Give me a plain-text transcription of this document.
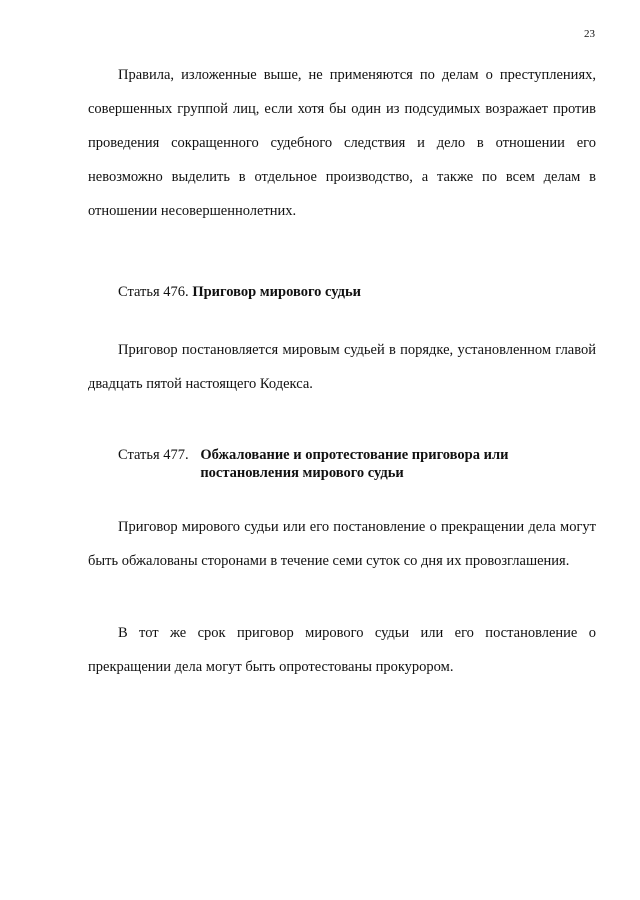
23

Правила, изложенные выше, не применяются по делам о преступлениях, совершенных группой лиц, если хотя бы один из подсудимых возражает против проведения сокращенного судебного следствия и дело в отношении его невозможно выделить в отдельное производство, а также по всем делам в отношении несовершеннолетних.

Статья 476. Приговор мирового судьи

Приговор постановляется мировым судьей в порядке, установленном главой двадцать пятой настоящего Кодекса.

Статья 477. Обжалование и опротестование приговора или
постановления мирового судьи

Приговор мирового судьи или его постановление о прекращении дела могут быть обжалованы сторонами в течение семи суток со дня их провозглашения.

В тот же срок приговор мирового судьи или его постановление о прекращении дела могут быть опротестованы прокурором.
